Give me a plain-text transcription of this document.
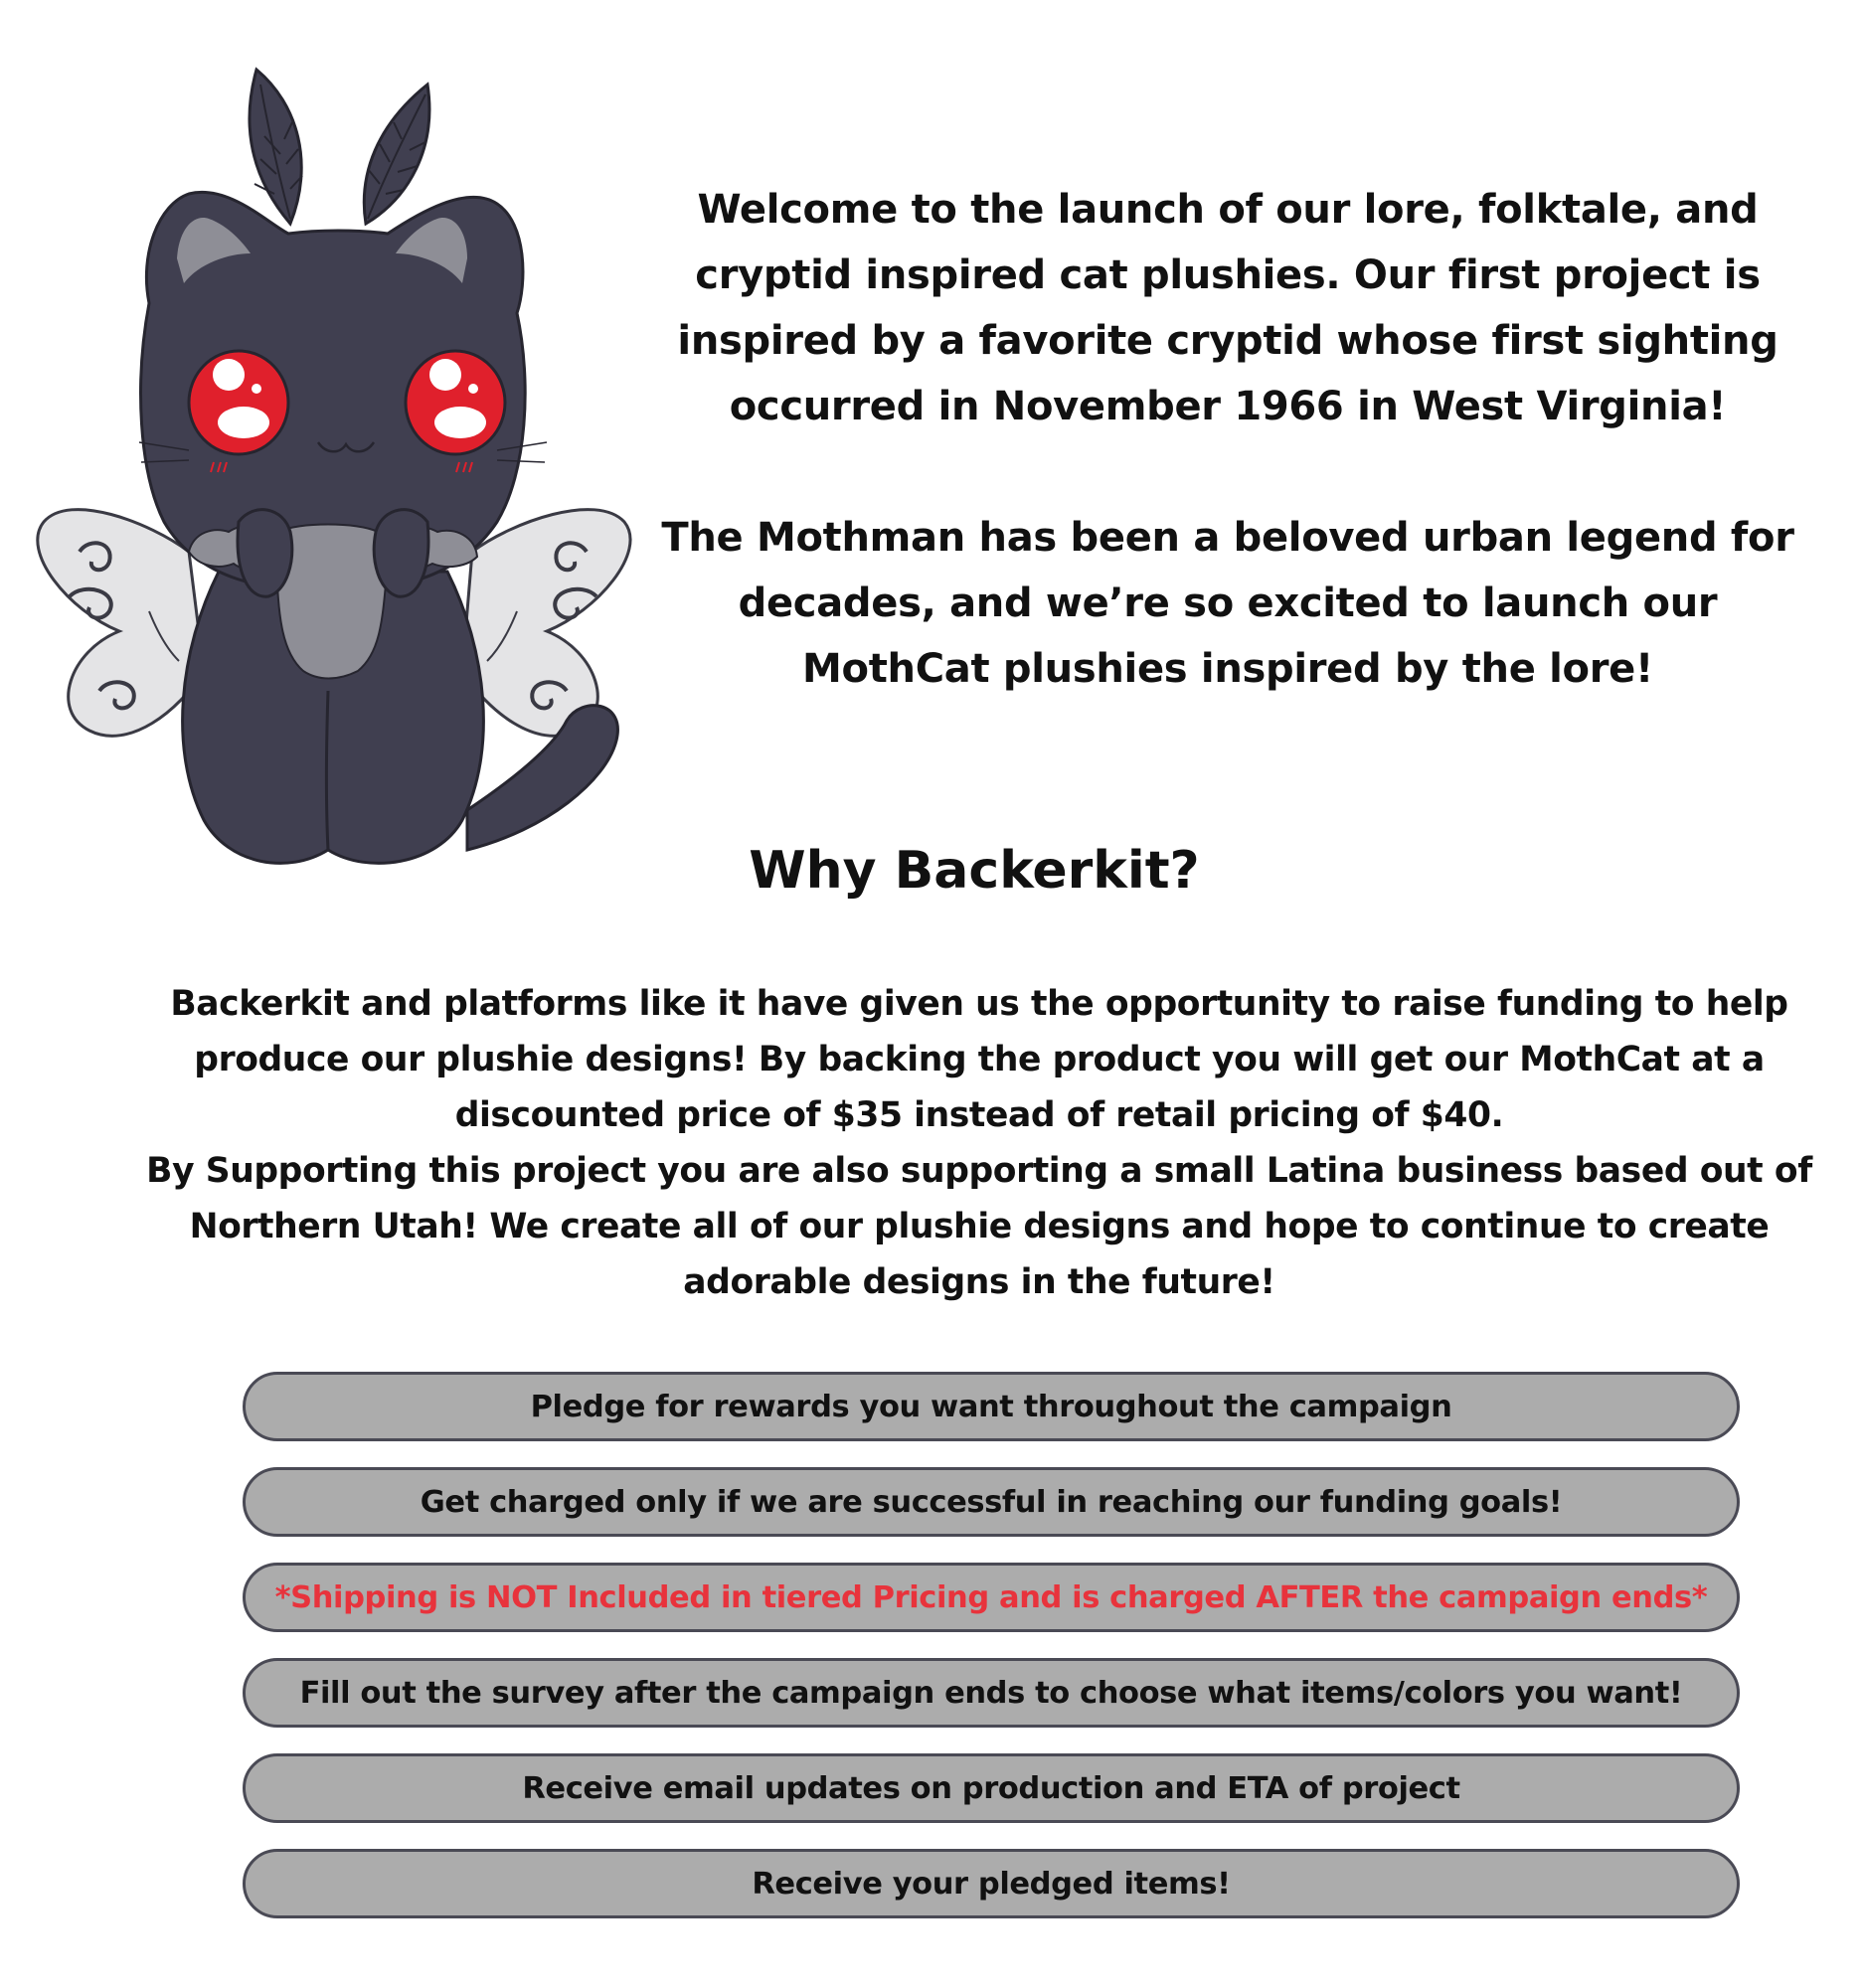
Welcome to the launch of our lore, folktale, and cryptid inspired cat plushies. Our first project is inspired by a favorite cryptid whose first sighting occurred in November 1966 in West Virginia!

The Mothman has been a beloved urban legend for decades, and we’re so excited to launch our MothCat plushies inspired by the lore!

Why Backerkit?

Backerkit and platforms like it have given us the opportunity to raise funding to help produce our plushie designs! By backing the product you will get our MothCat at a discounted price of $35 instead of retail pricing of $40.

By Supporting this project you are also supporting a small Latina business based out of Northern Utah! We create all of our plushie designs and hope to continue to create adorable designs in the future!

Pledge for rewards you want throughout the campaign
Get charged only if we are successful in reaching our funding goals!
*Shipping is NOT Included in tiered Pricing and is charged AFTER the campaign ends*
Fill out the survey after the campaign ends to choose what items/colors you want!
Receive email updates on production and ETA of project
Receive your pledged items!
